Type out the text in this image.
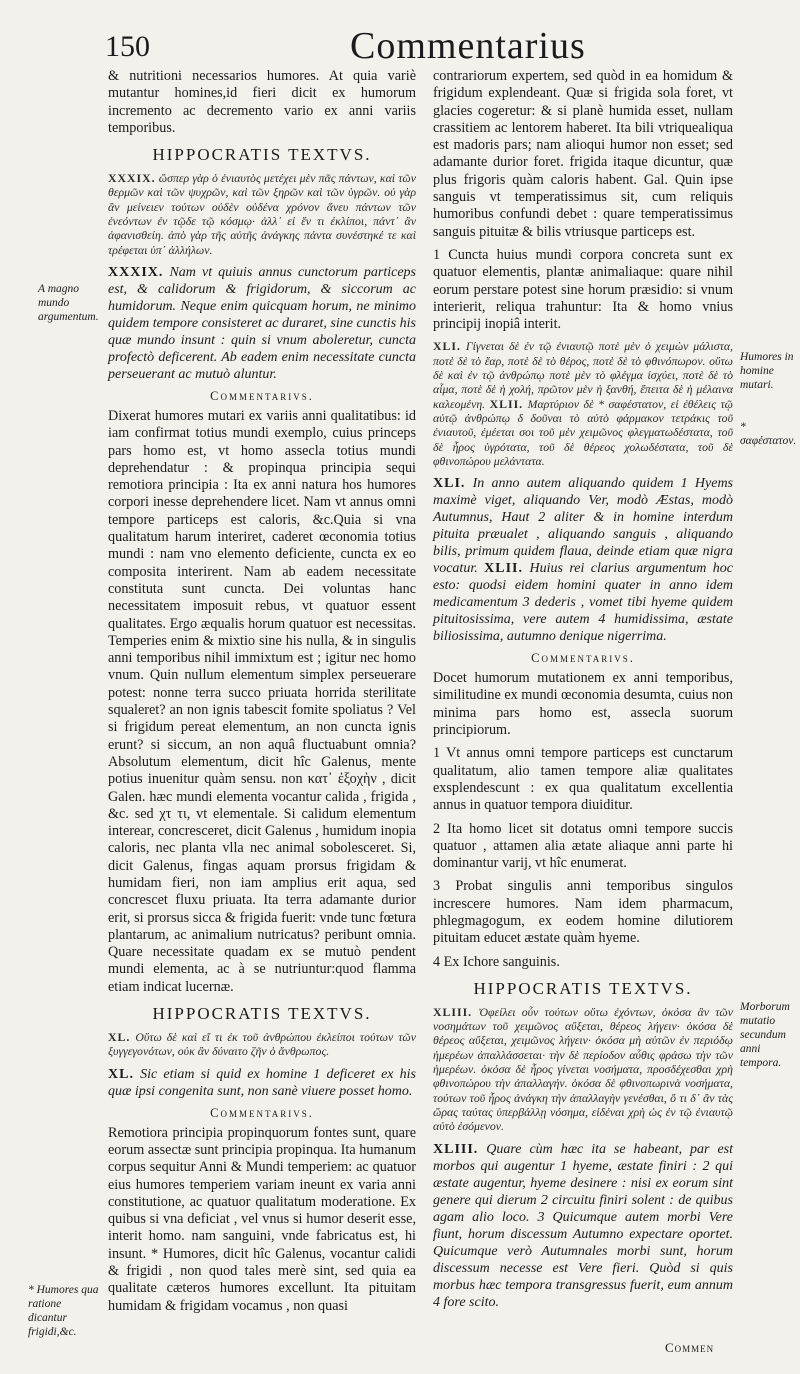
150	Commentarius

& nutritioni necessarios humores. At quia variè mutantur homines,id fieri dicit ex humorum incremento ac decremento vario ex anni variis temporibus.

HIPPOCRATIS TEXTVS.

XXXIX. ὥσπερ γὰρ ὁ ἐνιαυτὸς μετέχει μὲν πᾶς πάντων, καὶ τῶν θερμῶν καὶ τῶν ψυχρῶν, καὶ τῶν ξηρῶν καὶ τῶν ὑγρῶν. οὐ γὰρ ἂν μείνειεν τούτων οὐδὲν οὐδένα χρόνον ἄνευ πάντων τῶν ἐνεόντων ἐν τῷδε τῷ κόσμῳ· ἀλλ᾽ εἰ ἕν τι ἐκλίποι, πάντ᾽ ἂν ἀφανισθείη. ἀπὸ γὰρ τῆς αὐτῆς ἀνάγκης πάντα συνέστηκέ τε καὶ τρέφεται ὑπ᾽ ἀλλήλων.

XXXIX. Nam vt quiuis annus cunctorum particeps est, & calidorum & frigidorum, & siccorum ac humidorum. Neque enim quicquam horum, ne minimo quidem tempore consisteret ac duraret, sine cunctis his quæ mundo insunt : quin si vnum aboleretur, cuncta profectò deficerent. Ab eadem enim necessitate cuncta perseuerant ac mutuò aluntur.

Commentarivs.

Dixerat humores mutari ex variis anni qualitatibus: id iam confirmat totius mundi exemplo, cuius princeps pars homo est, vt homo assecla totius mundi deprehendatur : & propinqua principia sequi remotiora principia : Ita ex anni natura hos humores corpori inesse deprehendere licet. Nam vt annus omni tempore particeps est caloris, &c.Quia si vna qualitatum harum interiret, caderet œconomia totius mundi : nam vno elemento deficiente, cuncta ex eo composita interirent. Nam ab eadem necessitate constituta sunt cuncta. Dei voluntas hanc necessitatem imposuit rebus, vt quatuor essent qualitates. Ergo æqualis horum quatuor est necessitas. Temperies enim & mixtio sine his nulla, & in singulis anni temporibus nihil immixtum est ; igitur nec homo vnum. Quin nullum elementum simplex perseuerare potest: nonne terra succo priuata horrida sterilitate squaleret? an non ignis tabescit fomite spoliatus ? Vel si frigidum pereat elementum, an non cuncta ignis erunt? si siccum, an non aquâ fluctuabunt omnia? Absolutum elementum, dicit hîc Galenus, mente potius inuenitur quàm sensu. non κατ᾽ ἐξοχὴν , dicit Galen. hæc mundi elementa vocantur calida , frigida , &c. sed χτ τι, vt elementale. Si calidum elementum interear, concresceret, dicit Galenus , humidum inopia caloris, nec planta vlla nec animal sobolesceret. Si, dicit Galenus, fingas aquam prorsus frigidam & humidam fieri, non iam amplius erit aqua, sed concrescet fluxu priuata. Ita terra adamante durior erit, si prorsus sicca & frigida fuerit: vnde tunc fœtura plantarum, ac animalium nutricatus? peribunt omnia. Quare necessitate quadam ex se mutuò pendent mundi elementa, ac à se nutriuntur:quod flamma etiam indicat lucernæ.

HIPPOCRATIS TEXTVS.

XL. Οὕτω δὲ καὶ εἴ τι ἐκ τοῦ ἀνθρώπου ἐκλείποι τούτων τῶν ξυγγεγονότων, οὐκ ἂν δύναιτο ζῆν ὁ ἄνθρωπος.

XL. Sic etiam si quid ex homine 1 deficeret ex his quæ ipsi congenita sunt, non sanè viuere posset homo.

Commentarivs.

Remotiora principia propinquorum fontes sunt, quare eorum assectæ sunt principia propinqua. Ita humanum corpus sequitur Anni & Mundi temperiem: ac quatuor eius humores temperiem variam ineunt ex varia anni constitutione, ac quatuor qualitatum moderatione. Ex quibus si vna deficiat , vel vnus si humor deserit esse, interit homo. nam sanguini, vnde fabricatus est, hi insunt. * Humores, dicit hîc Galenus, vocantur calidi & frigidi , non quod tales merè sint, sed quia ea qualitate cæteros humores excellunt. Ita pituitam humidam & frigidam vocamus , non quasi

contrariorum expertem, sed quòd in ea homidum & frigidum explendeant. Quæ si frigida sola foret, vt glacies cogeretur: & si planè humida esset, nullam crassitiem ac lentorem haberet. Ita bili vtriquealiqua est madoris pars; nam alioqui humor non esset; sed adamante durior foret. frigida itaque dicuntur, quæ plus frigoris quàm caloris habent. Gal. Quin ipse sanguis vt temperatissimus sit, cum reliquis humoribus confundi debet : quare temperatissimus sanguis pituitæ & bilis vtriusque particeps est.

1 Cuncta huius mundi corpora concreta sunt ex quatuor elementis, plantæ animaliaque: quare nihil eorum perstare potest sine horum præsidio: si vnum interierit, reliqua trahuntur: Ita & homo vnius principij inopiâ interit.

XLI. Γίγνεται δὲ ἐν τῷ ἐνιαυτῷ ποτὲ μὲν ὁ χειμὼν μάλιστα, ποτὲ δὲ τὸ ἔαρ, ποτὲ δὲ τὸ θέρος, ποτὲ δὲ τὸ φθινόπωρον. οὕτω δὲ καὶ ἐν τῷ ἀνθρώπῳ ποτὲ μὲν τὸ φλέγμα ἰσχύει, ποτὲ δὲ τὸ αἷμα, ποτὲ δὲ ἡ χολή, πρῶτον μὲν ἡ ξανθή, ἔπειτα δὲ ἡ μέλαινα καλεομένη. XLII. Μαρτύριον δὲ * σαφέστατον, εἰ ἐθέλεις τῷ αὐτῷ ἀνθρώπῳ δ δοῦναι τὸ αὐτὸ φάρμακον τετράκις τοῦ ἐνιαυτοῦ, ἐμέεται σοι τοῦ μὲν χειμῶνος φλεγματωδέστατα, τοῦ δὲ ἦρος ὑγρότατα, τοῦ δὲ θέρεος χολωδέστατα, τοῦ δὲ φθινοπώρου μελάντατα.

XLI. In anno autem aliquando quidem 1 Hyems maximè viget, aliquando Ver, modò Æstas, modò Autumnus, Haut 2 aliter & in homine interdum pituita præualet , aliquando sanguis , aliquando bilis, primum quidem flaua, deinde etiam quæ nigra vocatur. XLII. Huius rei clarius argumentum hoc esto: quodsi eidem homini quater in anno idem medicamentum 3 dederis , vomet tibi hyeme quidem pituitosissima, vere autem 4 humidissima, æstate biliosissima, autumno denique nigerrima.

Commentarivs.

Docet humorum mutationem ex anni temporibus, similitudine ex mundi œconomia desumta, cuius non minima pars homo est, assecla suorum principiorum.

1 Vt annus omni tempore particeps est cunctarum qualitatum, alio tamen tempore aliæ qualitates exsplendescunt : ex qua qualitatum excellentia annus in quatuor tempora diuiditur.

2 Ita homo licet sit dotatus omni tempore succis quatuor , attamen alia ætate aliaque anni parte hi dominantur varij, vt hîc enumerat.

3 Probat singulis anni temporibus singulos increscere humores. Nam idem pharmacum, phlegmagogum, ex eodem homine dilutiorem pituitam educet æstate quàm hyeme.

4 Ex Ichore sanguinis.

HIPPOCRATIS TEXTVS.

XLIII. Ὀφείλει οὖν τούτων οὕτω ἐχόντων, ὁκόσα ἂν τῶν νοσημάτων τοῦ χειμῶνος αὔξεται, θέρεος λήγειν· ὁκόσα δὲ θέρεος αὔξεται, χειμῶνος λήγειν· ὁκόσα μὴ αὐτῶν ἐν περιόδῳ ἡμερέων ἀπαλλάσσεται· τὴν δὲ περίοδον αὖθις φράσω τὴν τῶν ἡμερέων. ὁκόσα δὲ ἦρος γίνεται νοσήματα, προσδέχεσθαι χρὴ φθινοπώρου τὴν ἀπαλλαγήν. ὁκόσα δὲ φθινοπωρινὰ νοσήματα, τούτων τοῦ ἦρος ἀνάγκη τὴν ἀπαλλαγὴν γενέσθαι, ὅ τι δ᾽ ἂν τὰς ὥρας ταύτας ὑπερβάλλῃ νόσημα, εἰδέναι χρὴ ὡς ἐν τῷ ἐνιαυτῷ αὐτὸ ἐσόμενον.

XLIII. Quare cùm hæc ita se habeant, par est morbos qui augentur 1 hyeme, æstate finiri : 2 qui æstate augentur, hyeme desinere : nisi ex eorum sint genere qui dierum 2 circuitu finiri solent : de quibus agam alio loco. 3 Quicumque autem morbi Vere fiunt, horum discessum Autumno expectare oportet. Quicumque verò Autumnales morbi sunt, horum discessum necesse est Vere fieri. Quòd si quis morbus hæc tempora transgressus fuerit, eum annum 4 fore scito.

A magno mundo argumentum.
Humores in homine mutari.
* σαφέστατον.
Morborum mutatio secundum anni tempora.
* Humores qua ratione dicantur frigidi,&c.
Commen
